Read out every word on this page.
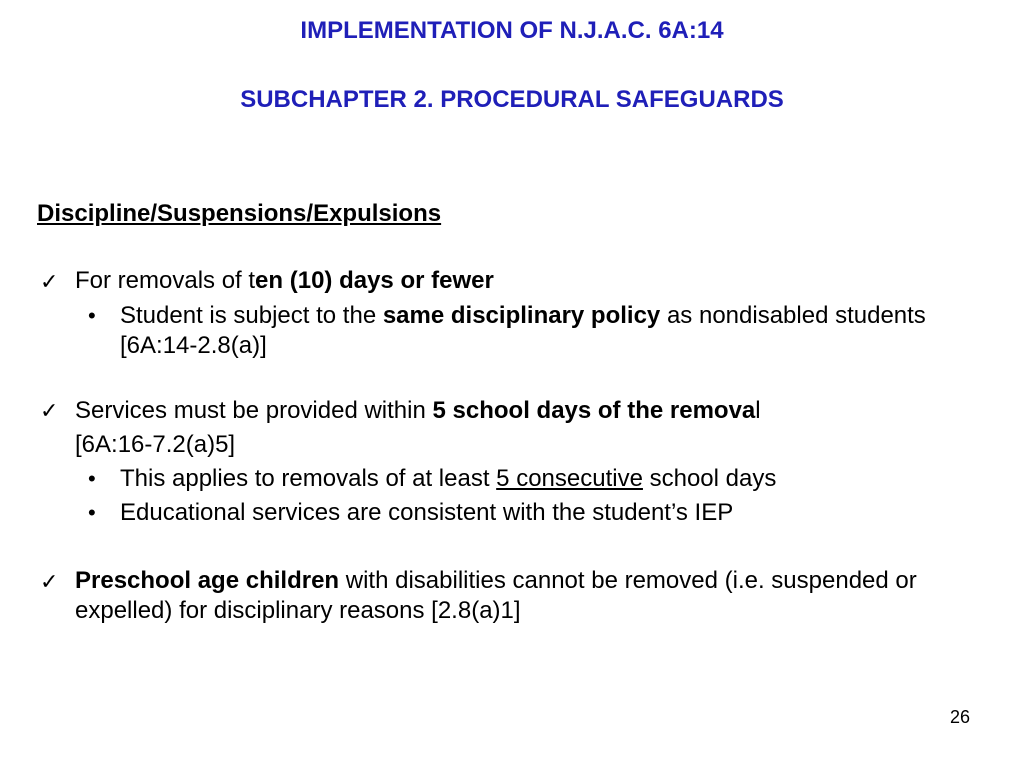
IMPLEMENTATION OF N.J.A.C. 6A:14
SUBCHAPTER 2. PROCEDURAL SAFEGUARDS
Discipline/Suspensions/Expulsions
✓ For removals of ten (10) days or fewer
• Student is subject to the same disciplinary policy as nondisabled students [6A:14-2.8(a)]
✓ Services must be provided within 5 school days of the removal
[6A:16-7.2(a)5]
• This applies to removals of at least 5 consecutive school days
• Educational services are consistent with the student’s IEP
✓ Preschool age children with disabilities cannot be removed (i.e. suspended or expelled) for disciplinary reasons [2.8(a)1]
26
